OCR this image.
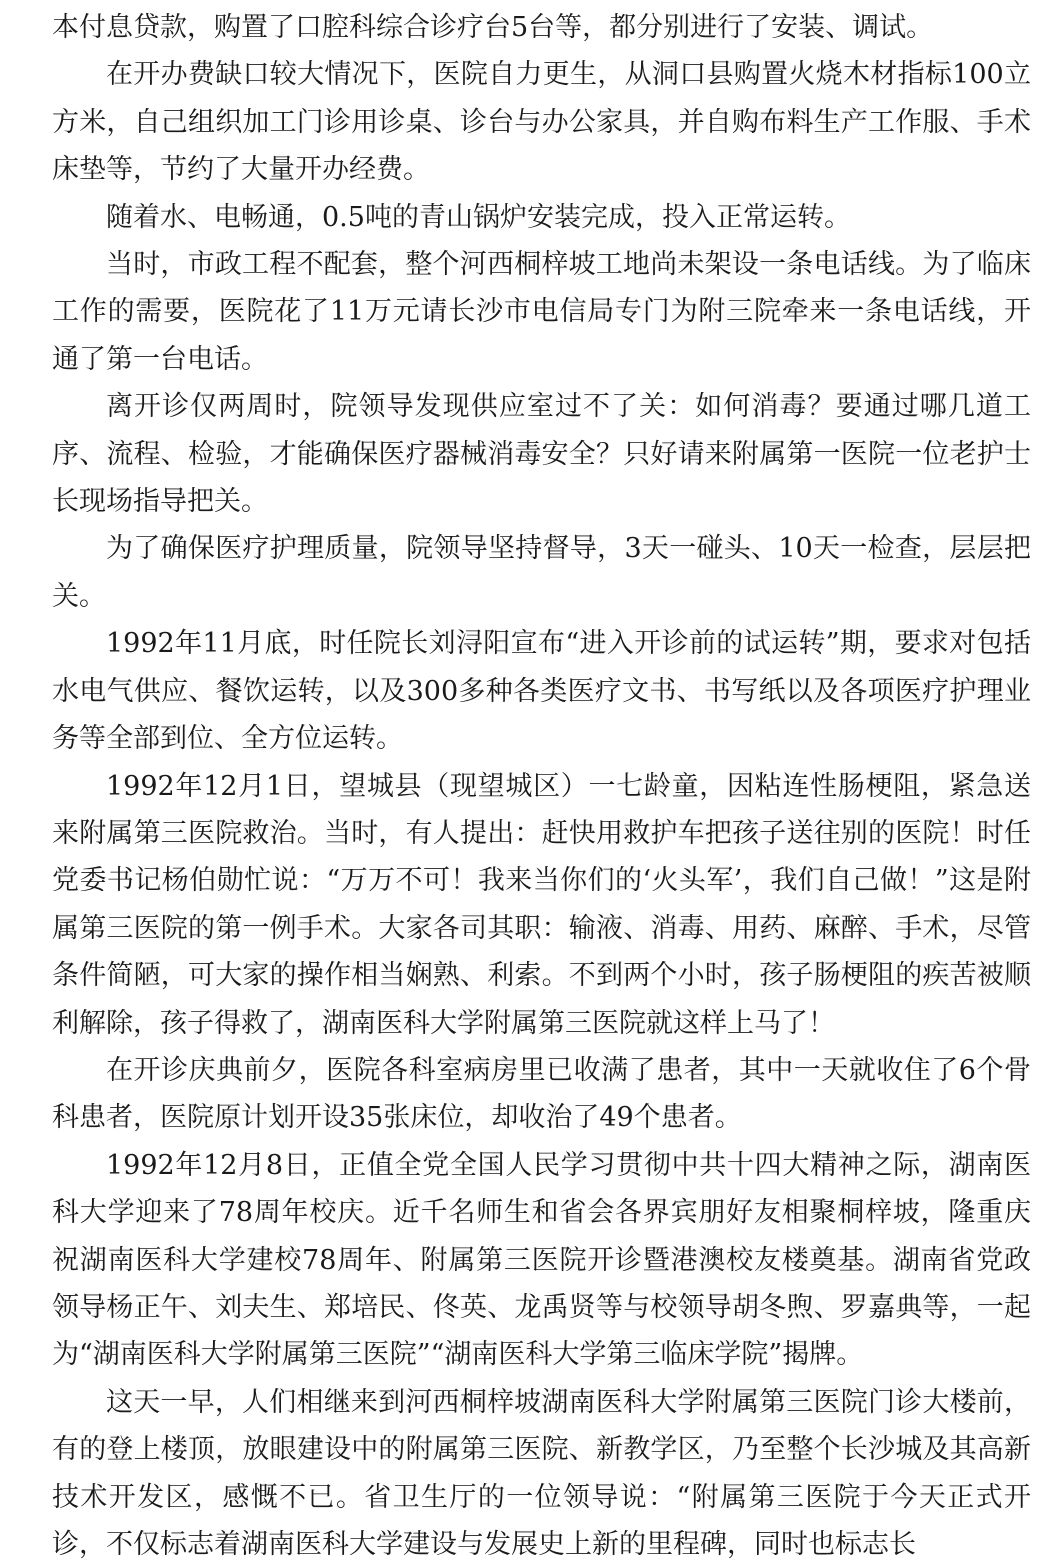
本付息贷款，购置了口腔科综合诊疗台5台等，都分别进行了安装、调试。

在开办费缺口较大情况下，医院自力更生，从洞口县购置火烧木材指标100立方米，自己组织加工门诊用诊桌、诊台与办公家具，并自购布料生产工作服、手术床垫等，节约了大量开办经费。

随着水、电畅通，0.5吨的青山锅炉安装完成，投入正常运转。

当时，市政工程不配套，整个河西桐梓坡工地尚未架设一条电话线。为了临床工作的需要，医院花了11万元请长沙市电信局专门为附三院牵来一条电话线，开通了第一台电话。

离开诊仅两周时，院领导发现供应室过不了关：如何消毒？要通过哪几道工序、流程、检验，才能确保医疗器械消毒安全？只好请来附属第一医院一位老护士长现场指导把关。

为了确保医疗护理质量，院领导坚持督导，3天一碰头、10天一检查，层层把关。

1992年11月底，时任院长刘浔阳宣布“进入开诊前的试运转”期，要求对包括水电气供应、餐饮运转，以及300多种各类医疗文书、书写纸以及各项医疗护理业务等全部到位、全方位运转。

1992年12月1日，望城县（现望城区）一七龄童，因粘连性肠梗阻，紧急送来附属第三医院救治。当时，有人提出：赶快用救护车把孩子送往别的医院！时任党委书记杨伯勋忙说：“万万不可！我来当你们的‘火头军’，我们自己做！”这是附属第三医院的第一例手术。大家各司其职：输液、消毒、用药、麻醉、手术，尽管条件简陋，可大家的操作相当娴熟、利索。不到两个小时，孩子肠梗阻的疾苦被顺利解除，孩子得救了，湖南医科大学附属第三医院就这样上马了！

在开诊庆典前夕，医院各科室病房里已收满了患者，其中一天就收住了6个骨科患者，医院原计划开设35张床位，却收治了49个患者。

1992年12月8日，正值全党全国人民学习贯彻中共十四大精神之际，湖南医科大学迎来了78周年校庆。近千名师生和省会各界宾朋好友相聚桐梓坡，隆重庆祝湖南医科大学建校78周年、附属第三医院开诊暨港澳校友楼奠基。湖南省党政领导杨正午、刘夫生、郑培民、佟英、龙禹贤等与校领导胡冬煦、罗嘉典等，一起为“湖南医科大学附属第三医院”“湖南医科大学第三临床学院”揭牌。

这天一早，人们相继来到河西桐梓坡湖南医科大学附属第三医院门诊大楼前，有的登上楼顶，放眼建设中的附属第三医院、新教学区，乃至整个长沙城及其高新技术开发区，感慨不已。省卫生厅的一位领导说：“附属第三医院于今天正式开诊，不仅标志着湖南医科大学建设与发展史上新的里程碑，同时也标志长
